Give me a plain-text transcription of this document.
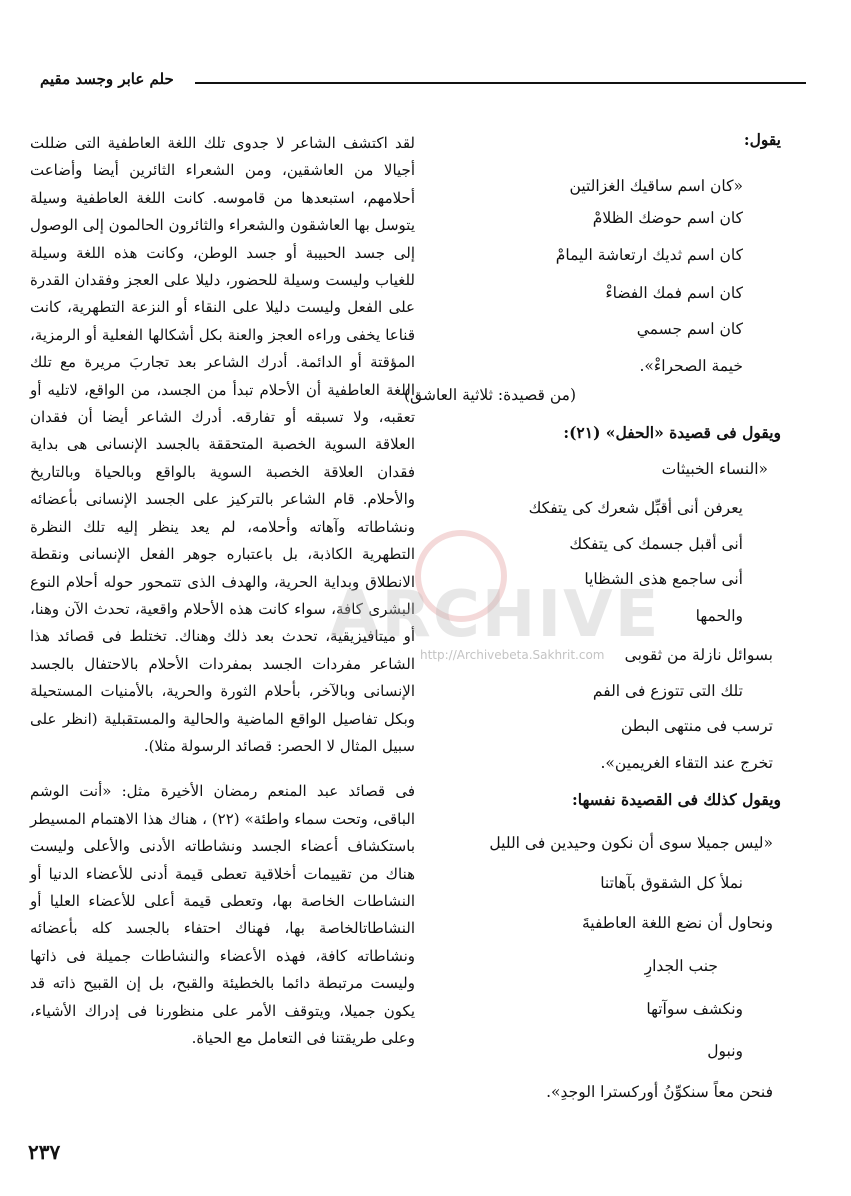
حلم عابر وجسد مقيم
يقول:
«كان اسم ساقيك الغزالتين
كان اسم حوضك الظلامْ
كان اسم ثديك ارتعاشة اليمامْ
كان اسم فمك الفضاءْ
كان اسم جسمي
خيمة الصحراءْ».
(من قصيدة: ثلاثية العاشق)
ويقول فى قصيدة «الحفل» (٢١):
«النساء الخبيثات
يعرفن أنى أقبِّل شعرك كى يتفكك
أنى أقبل جسمك كى يتفكك
أنى ساجمع هذى الشظايا
والحمها
بسوائل نازلة من ثقوبى
تلك التى تتوزع فى الفم
ترسب فى منتهى البطن
تخرج عند التقاء الغريمين».
ويقول كذلك فى القصيدة نفسها:
«ليس جميلا سوى أن نكون وحيدين فى الليل
نملأ كل الشقوق بآهاتنا
ونحاول أن نضع اللغة العاطفيةَ
جنب الجدارِ
ونكشف سوآتها
ونبول
فنحن معاً سنكوِّنُ أوركسترا الوجدِ».

لقد اكتشف الشاعر لا جدوى تلك اللغة العاطفية التى ضللت أجيالا من العاشقين، ومن الشعراء الثائرين أيضا وأضاعت أحلامهم، استبعدها من قاموسه. كانت اللغة العاطفية وسيلة يتوسل بها العاشقون والشعراء والثائرون الحالمون إلى الوصول إلى جسد الحبيبة أو جسد الوطن، وكانت هذه اللغة وسيلة للغياب وليست وسيلة للحضور، دليلا على العجز وفقدان القدرة على الفعل وليست دليلا على النقاء أو النزعة التطهرية، كانت قناعا يخفى وراءه العجز والعنة بكل أشكالها الفعلية أو الرمزية، المؤقتة أو الدائمة. أدرك الشاعر بعد تجاربَ مريرة مع تلك اللغة العاطفية أن الأحلام تبدأ من الجسد، من الواقع، لاتليه أو تعقبه، ولا تسبقه أو تفارقه. أدرك الشاعر أيضا أن فقدان العلاقة السوية الخصبة المتحققة بالجسد الإنسانى هى بداية فقدان العلاقة الخصبة السوية بالواقع وبالحياة وبالتاريخ والأحلام. قام الشاعر بالتركيز على الجسد الإنسانى بأعضائه ونشاطاته وآهاته وأحلامه، لم يعد ينظر إليه تلك النظرة التطهرية الكاذبة، بل باعتباره جوهر الفعل الإنسانى ونقطة الانطلاق وبداية الحرية، والهدف الذى تتمحور حوله أحلام النوع البشرى كافة، سواء كانت هذه الأحلام واقعية، تحدث الآن وهنا، أو ميتافيزيقية، تحدث بعد ذلك وهناك. تختلط فى قصائد هذا الشاعر مفردات الجسد بمفردات الأحلام بالاحتفال بالجسد الإنسانى وبالآخر، بأحلام الثورة والحرية، بالأمنيات المستحيلة وبكل تفاصيل الواقع الماضية والحالية والمستقبلية (انظر على سبيل المثال لا الحصر: قصائد الرسولة مثلا).

فى قصائد عبد المنعم رمضان الأخيرة مثل: «أنت الوشم الباقى، وتحت سماء واطئة» (٢٢) ، هناك هذا الاهتمام المسيطر باستكشاف أعضاء الجسد ونشاطاته الأدنى والأعلى وليست هناك من تقييمات أخلاقية تعطى قيمة أدنى للأعضاء الدنيا أو النشاطات الخاصة بها، وتعطى قيمة أعلى للأعضاء العليا أو النشاطاتالخاصة بها، فهناك احتفاء بالجسد كله بأعضائه ونشاطاته كافة، فهذه الأعضاء والنشاطات جميلة فى ذاتها وليست مرتبطة دائما بالخطيئة والقبح، بل إن القبيح ذاته قد يكون جميلا، ويتوقف الأمر على منظورنا فى إدراك الأشياء، وعلى طريقتنا فى التعامل مع الحياة.

٢٣٧
ARCHIVE
http://Archivebeta.Sakhrit.com
